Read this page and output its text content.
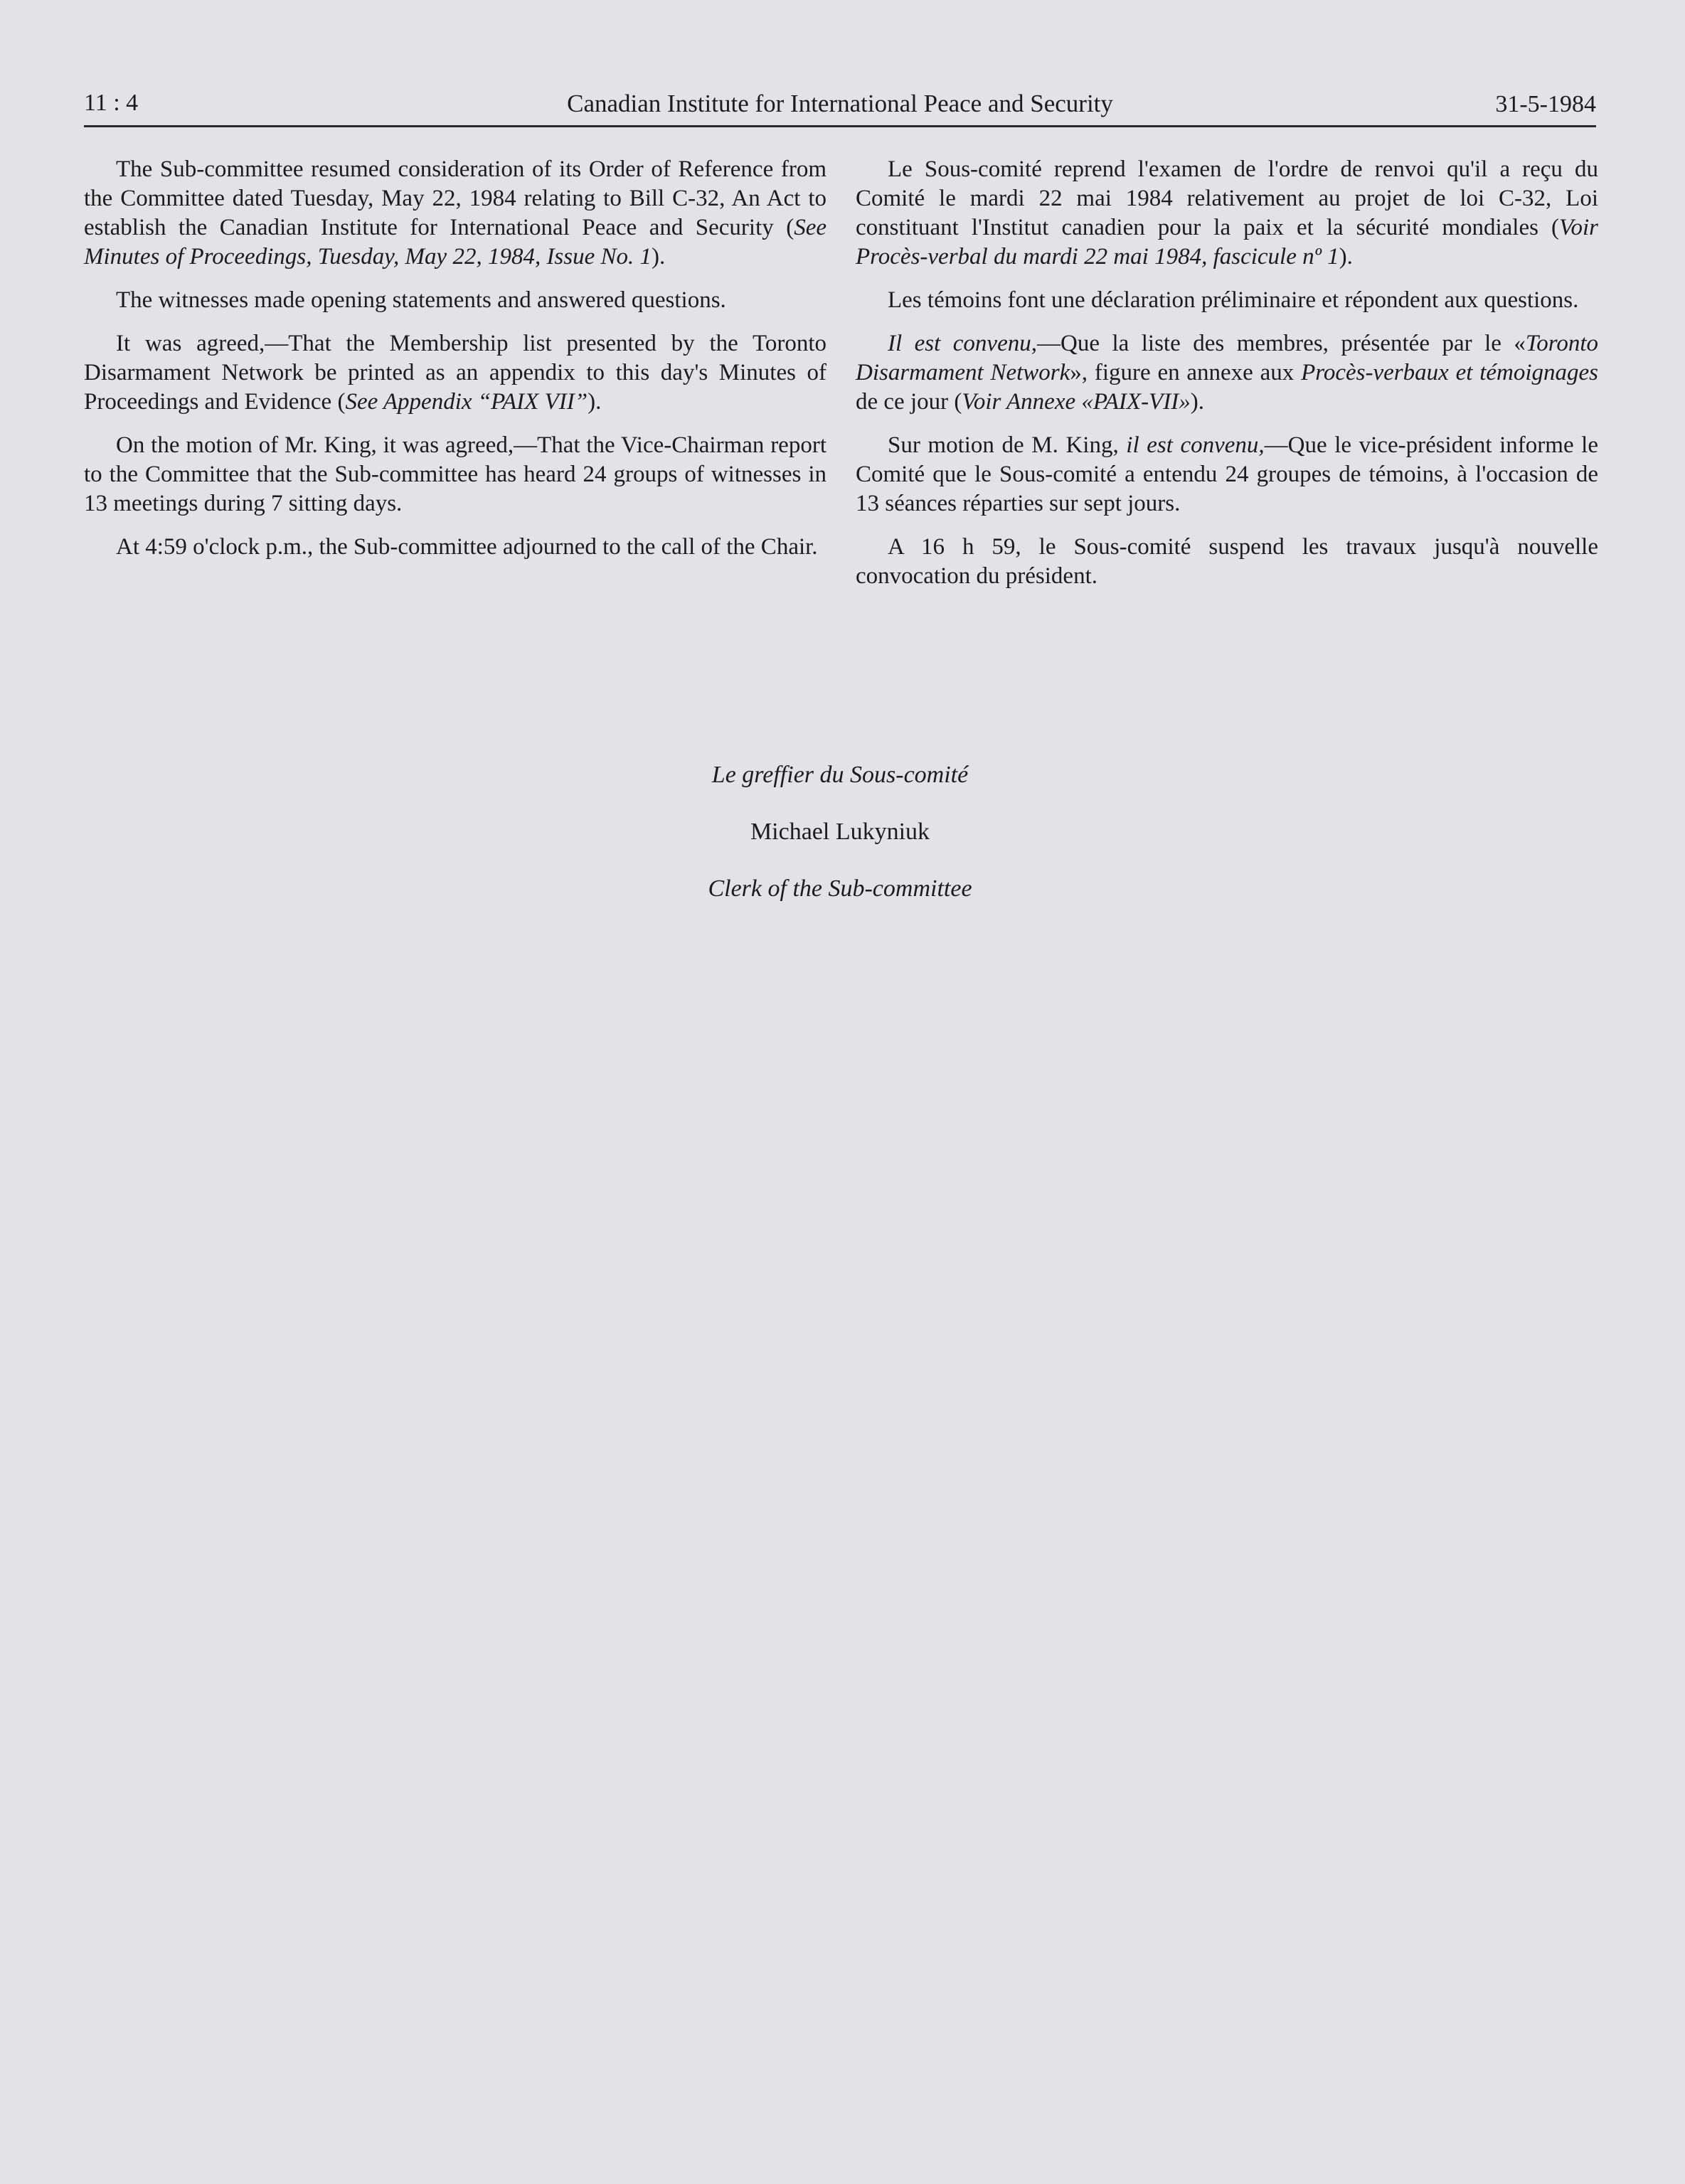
11 : 4	Canadian Institute for International Peace and Security	31-5-1984

The Sub-committee resumed consideration of its Order of Reference from the Committee dated Tuesday, May 22, 1984 relating to Bill C-32, An Act to establish the Canadian Institute for International Peace and Security (See Minutes of Proceedings, Tuesday, May 22, 1984, Issue No. 1).

The witnesses made opening statements and answered questions.

It was agreed,—That the Membership list presented by the Toronto Disarmament Network be printed as an appendix to this day's Minutes of Proceedings and Evidence (See Appendix “PAIX VII”).

On the motion of Mr. King, it was agreed,—That the Vice-Chairman report to the Committee that the Sub-committee has heard 24 groups of witnesses in 13 meetings during 7 sitting days.

At 4:59 o'clock p.m., the Sub-committee adjourned to the call of the Chair.

Le Sous-comité reprend l'examen de l'ordre de renvoi qu'il a reçu du Comité le mardi 22 mai 1984 relativement au projet de loi C-32, Loi constituant l'Institut canadien pour la paix et la sécurité mondiales (Voir Procès-verbal du mardi 22 mai 1984, fascicule nº 1).

Les témoins font une déclaration préliminaire et répondent aux questions.

Il est convenu,—Que la liste des membres, présentée par le «Toronto Disarmament Network», figure en annexe aux Procès-verbaux et témoignages de ce jour (Voir Annexe «PAIX-VII»).

Sur motion de M. King, il est convenu,—Que le vice-président informe le Comité que le Sous-comité a entendu 24 groupes de témoins, à l'occasion de 13 séances réparties sur sept jours.

A 16 h 59, le Sous-comité suspend les travaux jusqu'à nouvelle convocation du président.

Le greffier du Sous-comité
Michael Lukyniuk
Clerk of the Sub-committee
